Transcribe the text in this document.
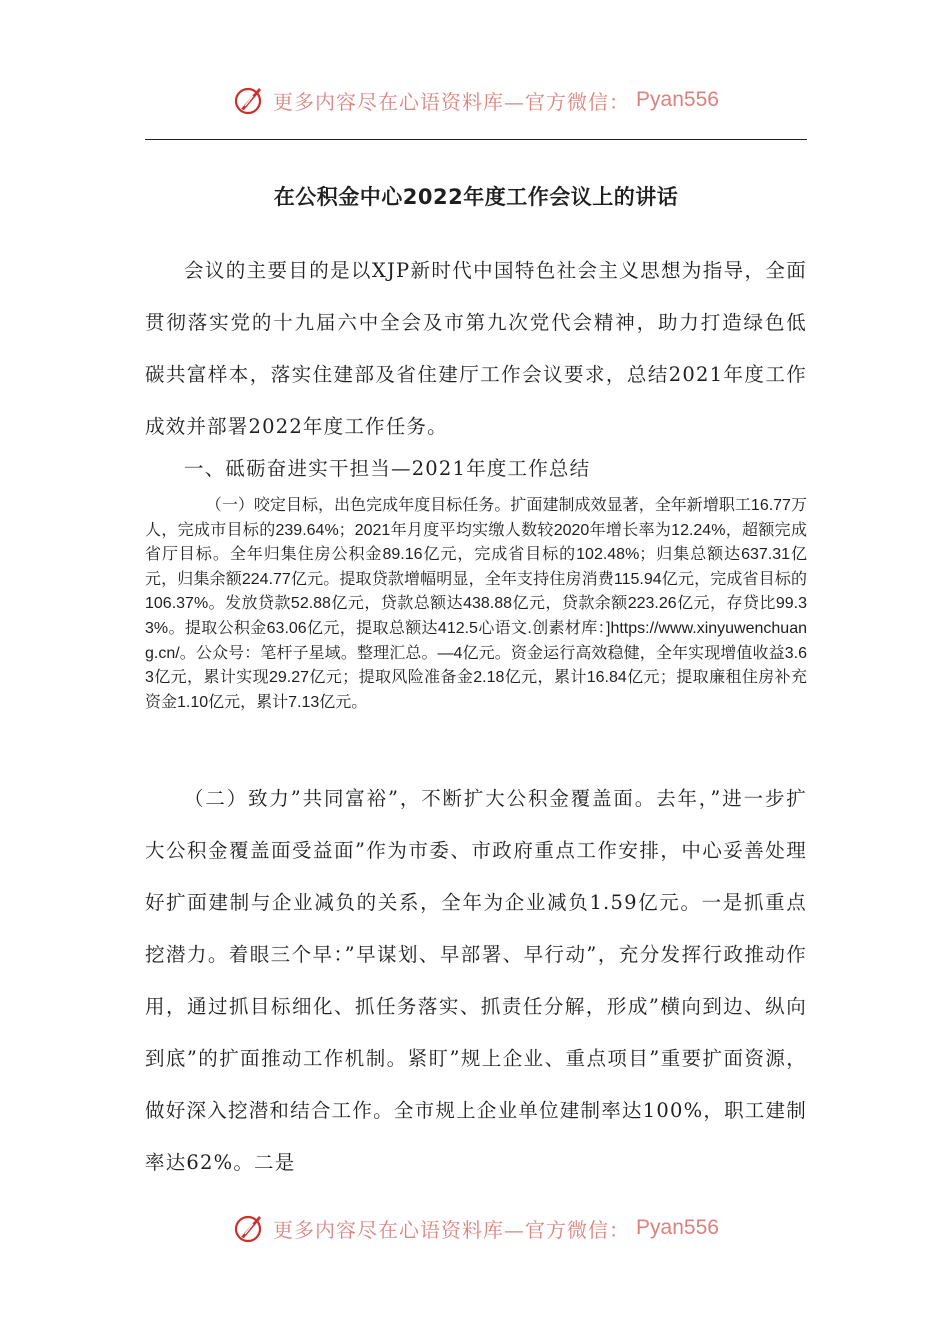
更多内容尽在心语资料库—官方微信： Pyan556
在公积金中心2022年度工作会议上的讲话

会议的主要目的是以XJP新时代中国特色社会主义思想为指导，全面贯彻落实党的十九届六中全会及市第九次党代会精神，助力打造绿色低碳共富样本，落实住建部及省住建厅工作会议要求，总结2021年度工作成效并部署2022年度工作任务。

一、砥砺奋进实干担当—2021年度工作总结

（一）咬定目标，出色完成年度目标任务。扩面建制成效显著，全年新增职工16.77万人，完成市目标的239.64%；2021年月度平均实缴人数较2020年增长率为12.24%，超额完成省厅目标。全年归集住房公积金89.16亿元，完成省目标的102.48%；归集总额达637.31亿元，归集余额224.77亿元。提取贷款增幅明显，全年支持住房消费115.94亿元，完成省目标的106.37%。发放贷款52.88亿元，贷款总额达438.88亿元，贷款余额223.26亿元，存贷比99.33%。提取公积金63.06亿元，提取总额达412.5心语文.创素材库：]https://www.xinyuwenchuang.cn/。公众号：笔杆子星域。整理汇总。—4亿元。资金运行高效稳健，全年实现增值收益3.63亿元，累计实现29.27亿元；提取风险准备金2.18亿元，累计16.84亿元；提取廉租住房补充资金1.10亿元，累计7.13亿元。

（二）致力”共同富裕”，不断扩大公积金覆盖面。去年，”进一步扩大公积金覆盖面受益面”作为市委、市政府重点工作安排，中心妥善处理好扩面建制与企业减负的关系，全年为企业减负1.59亿元。一是抓重点挖潜力。着眼三个早：”早谋划、早部署、早行动”，充分发挥行政推动作用，通过抓目标细化、抓任务落实、抓责任分解，形成”横向到边、纵向到底”的扩面推动工作机制。紧盯”规上企业、重点项目”重要扩面资源，做好深入挖潜和结合工作。全市规上企业单位建制率达100%，职工建制率达62%。二是

更多内容尽在心语资料库—官方微信： Pyan556
